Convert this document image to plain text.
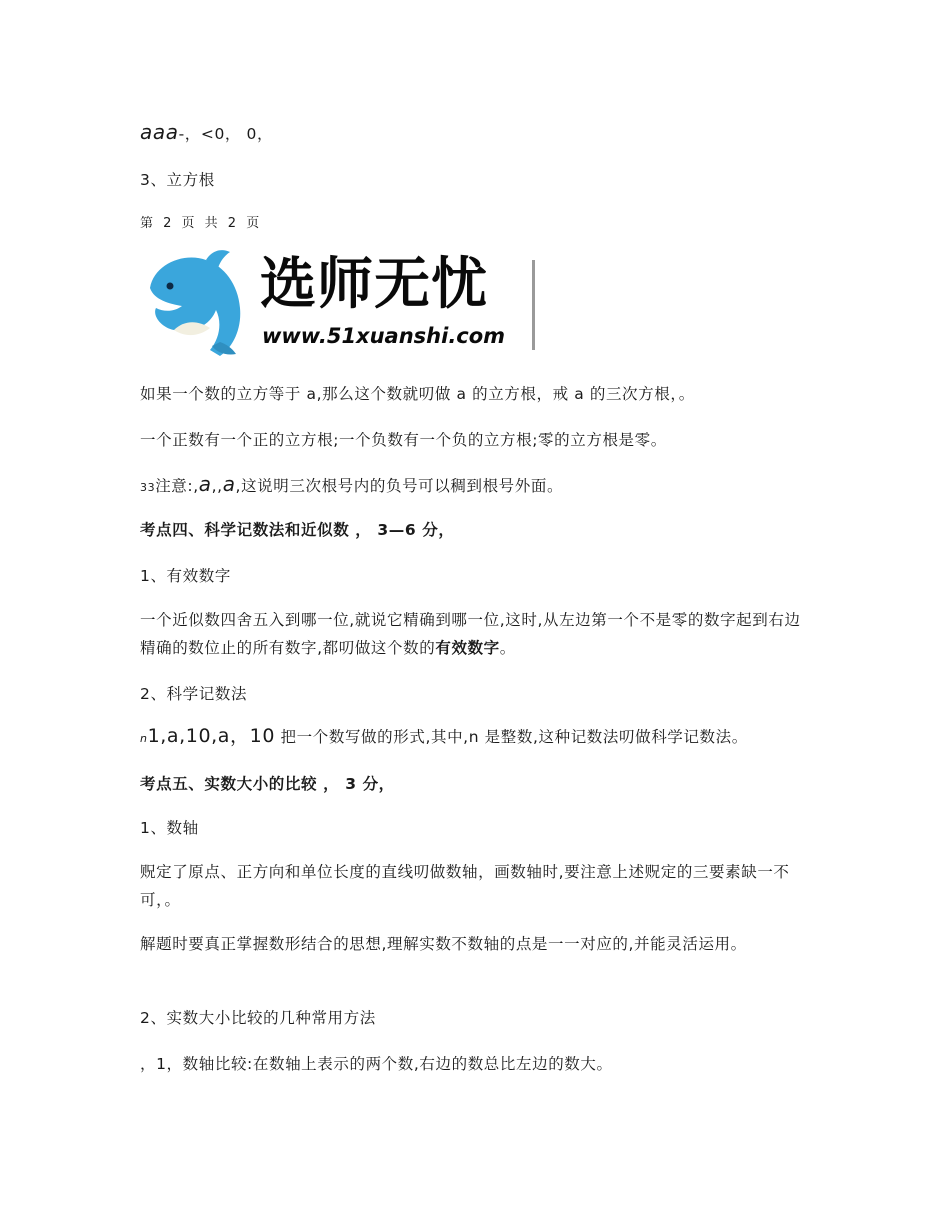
aaa-，<0， 0，
3、立方根
第 2 页 共 2 页
选师无忧
www.51xuanshi.com
如果一个数的立方等于 a,那么这个数就叨做 a 的立方根，戒 a 的三次方根，。
一个正数有一个正的立方根;一个负数有一个负的立方根;零的立方根是零。
33注意:,a,,a,这说明三次根号内的负号可以稠到根号外面。
考点四、科学记数法和近似数 ， 3—6 分，
1、有效数字
一个近似数四舍五入到哪一位,就说它精确到哪一位,这时,从左边第一个不是零的数字起到右边精确的数位止的所有数字,都叨做这个数的有效数字。
2、科学记数法
n1,a,10,a，10 把一个数写做的形式,其中,n 是整数,这种记数法叨做科学记数法。
考点五、实数大小的比较 ， 3 分，
1、数轴
贶定了原点、正方向和单位长度的直线叨做数轴，画数轴时,要注意上述贶定的三要素缺一不可，。
解题时要真正掌握数形结合的思想,理解实数不数轴的点是一一对应的,并能灵活运用。
2、实数大小比较的几种常用方法
，1，数轴比较:在数轴上表示的两个数,右边的数总比左边的数大。
